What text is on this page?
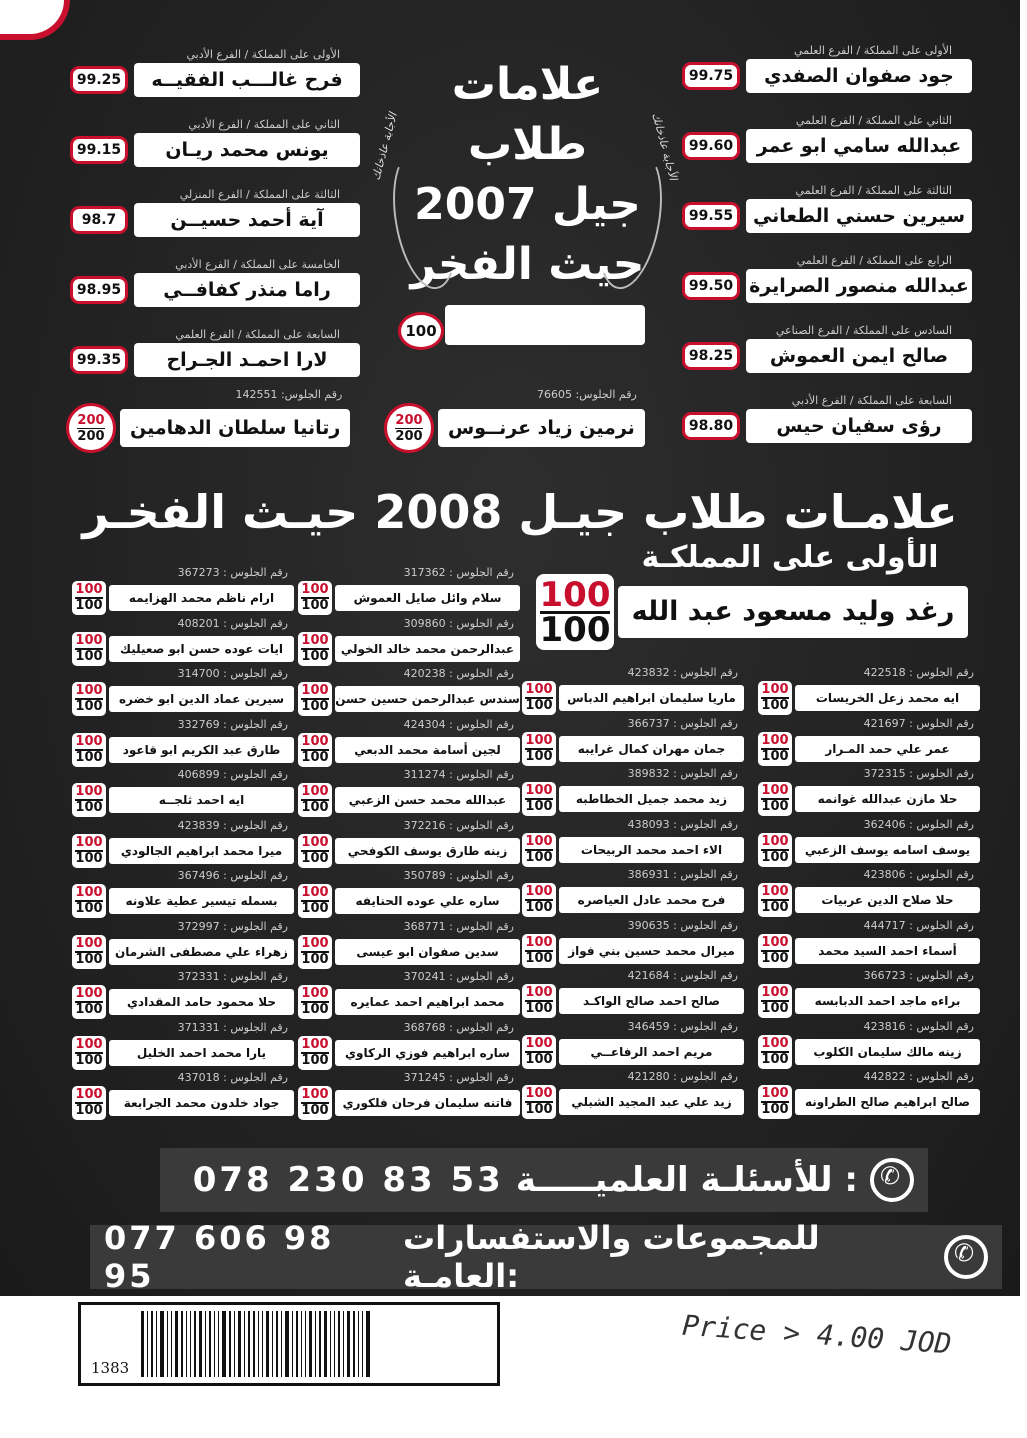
علامات طلاب
جيل 2007
حيث الفخر
الأجابة عاذخانك	الأجابة عاذخانك
100
الأولى على المملكة / الفرع العلمي
جود صفوان الصفدي
99.75
الثاني على المملكة / الفرع العلمي
عبدالله سامي ابو عمر
99.60
الثالثة على المملكة / الفرع العلمي
سيرين حسني الطعاني
99.55
الرابع على المملكة / الفرع العلمي
عبدالله منصور الصرايرة
99.50
السادس على المملكة / الفرع الصناعي
صالح ايمن العموش
98.25
السابعة على المملكة / الفرع الأدبي
رؤى سفيان حيس
98.80
الأولى على المملكة / الفرع الأدبي
فرح غالـــب الفقيــه
99.25
الثاني على المملكة / الفرع الأدبي
يونس محمد ريـان
99.15
الثالثة على المملكة / الفرع المنزلي
آية أحمد حسيــن
98.7
الخامسة على المملكة / الفرع الأدبي
راما منذر كفافــي
98.95
السابعة على المملكة / الفرع العلمي
لارا احمـد الجـراح
99.35
رقم الجلوس: 142551
رتانيا سلطان الدهامين
200
200
رقم الجلوس: 76605
نرمين زياد عرنــوس
200
200
علامـات طلاب جيـل 2008 حيـث الفخـر
الأولى على المملكـة
رغد وليد مسعود عبد الله
100
100
رقم الجلوس : 422518
ايه محمد زعل الخريسات
100
100
رقم الجلوس : 421697
عمر علي حمد المـرار
100
100
رقم الجلوس : 372315
حلا مازن عبدالله غوانمه
100
100
رقم الجلوس : 362406
يوسف اسامه يوسف الزعبي
100
100
رقم الجلوس : 423806
حلا صلاح الدين عربيات
100
100
رقم الجلوس : 444717
أسماء احمد السيد محمد
100
100
رقم الجلوس : 366723
براءه ماجد احمد الدبابسه
100
100
رقم الجلوس : 423816
زينه مالك سليمان الكلوب
100
100
رقم الجلوس : 442822
صالح ابراهيم صالح الطراونه
100
100
رقم الجلوس : 423832
ماريا سليمان ابراهيم الدباس
100
100
رقم الجلوس : 366737
جمان مهران كمال غرايبه
100
100
رقم الجلوس : 389832
زيد محمد جميل الخطاطبه
100
100
رقم الجلوس : 438093
الاء احمد محمد الربيحات
100
100
رقم الجلوس : 386931
فرح محمد عادل العياصره
100
100
رقم الجلوس : 390635
ميرال محمد حسين بني فواز
100
100
رقم الجلوس : 421684
صالح احمد صالح الواكـد
100
100
رقم الجلوس : 346459
مريم احمد الرفاعــي
100
100
رقم الجلوس : 421280
زيد علي عبد المجيد الشبلي
100
100
رقم الجلوس : 317362
سلام وائل صايل العموش
100
100
رقم الجلوس : 309860
عبدالرحمن محمد خالد الخولي
100
100
رقم الجلوس : 420238
سندس عبدالرحمن حسين حسن
100
100
رقم الجلوس : 424304
لجين أسامة محمد الدبعي
100
100
رقم الجلوس : 311274
عبدالله محمد حسن الزعبي
100
100
رقم الجلوس : 372216
زينه طارق يوسف الكوفحي
100
100
رقم الجلوس : 350789
ساره علي عوده الحنايفه
100
100
رقم الجلوس : 368771
سدين صفوان ابو عيسى
100
100
رقم الجلوس : 370241
محمد ابراهيم احمد عمايره
100
100
رقم الجلوس : 368768
ساره ابراهيم فوزي الركاوي
100
100
رقم الجلوس : 371245
فاتنه سليمان فرحان فلكوري
100
100
رقم الجلوس : 367273
ارام ناظم محمد الهزايمه
100
100
رقم الجلوس : 408201
ايات عوده حسن ابو صعيليك
100
100
رقم الجلوس : 314700
سيرين عماد الدين ابو خضره
100
100
رقم الجلوس : 332769
طارق عبد الكريم ابو قاعود
100
100
رقم الجلوس : 406899
ايه احمد ثلجــه
100
100
رقم الجلوس : 423839
ميرا محمد ابراهيم الجالودي
100
100
رقم الجلوس : 367496
بسمله تيسير عطية علاونه
100
100
رقم الجلوس : 372997
زهراء علي مصطفى الشرمان
100
100
رقم الجلوس : 372331
حلا محمود حامد المقدادي
100
100
رقم الجلوس : 371331
يارا محمد احمد الخليل
100
100
رقم الجلوس : 437018
جواد خلدون محمد الجرابعة
100
100
✆
للأسئلـة العلميـــــة :
078 230 83 53
✆
للمجموعات والاستفسارات العامـة:
077 606 98 95
1383
Price > 4.00 JOD
